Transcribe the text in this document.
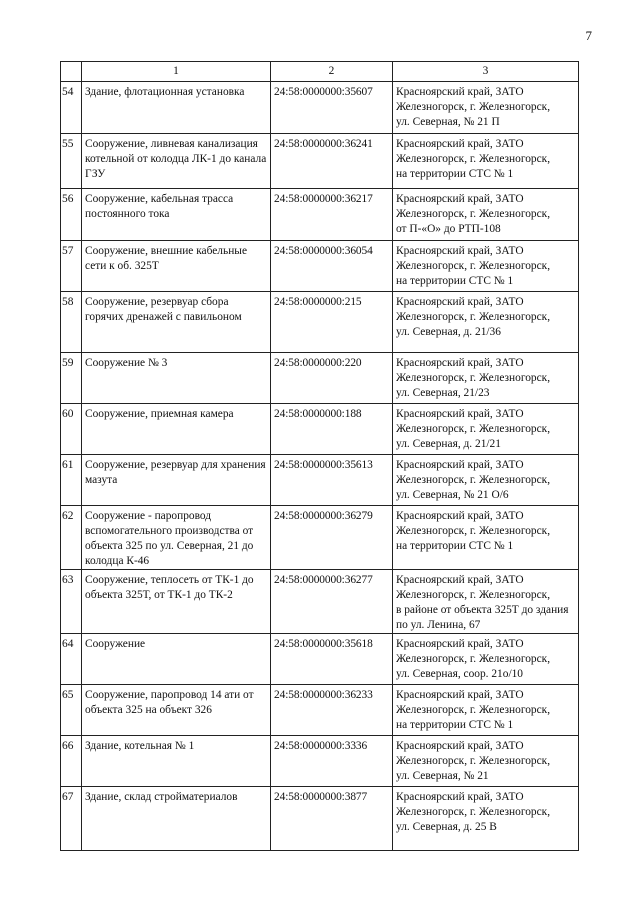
7
	1	2	3
54	Здание, флотационная установка	24:58:0000000:35607	Красноярский край, ЗАТО
Железногорск, г. Железногорск,
ул. Северная, № 21 П
55	Сооружение, ливневая канализация котельной от колодца ЛК-1 до канала ГЗУ	24:58:0000000:36241	Красноярский край, ЗАТО
Железногорск, г. Железногорск,
на территории СТС № 1
56	Сооружение, кабельная трасса постоянного тока	24:58:0000000:36217	Красноярский край, ЗАТО
Железногорск, г. Железногорск,
от П-«О» до РТП-108
57	Сооружение, внешние кабельные сети к об. 325Т	24:58:0000000:36054	Красноярский край, ЗАТО
Железногорск, г. Железногорск,
на территории СТС № 1
58	Сооружение, резервуар сбора горячих дренажей с павильоном	24:58:0000000:215	Красноярский край, ЗАТО
Железногорск, г. Железногорск,
ул. Северная, д. 21/36
59	Сооружение № 3	24:58:0000000:220	Красноярский край, ЗАТО
Железногорск, г. Железногорск,
ул. Северная, 21/23
60	Сооружение, приемная камера	24:58:0000000:188	Красноярский край, ЗАТО
Железногорск, г. Железногорск,
ул. Северная, д. 21/21
61	Сооружение, резервуар для хранения мазута	24:58:0000000:35613	Красноярский край, ЗАТО
Железногорск, г. Железногорск,
ул. Северная, № 21 О/6
62	Сооружение - паропровод вспомогательного производства от объекта 325 по ул. Северная, 21 до колодца К-46	24:58:0000000:36279	Красноярский край, ЗАТО
Железногорск, г. Железногорск,
на территории СТС № 1
63	Сооружение, теплосеть от ТК-1 до объекта 325Т, от ТК-1 до ТК-2	24:58:0000000:36277	Красноярский край, ЗАТО
Железногорск, г. Железногорск,
в районе от объекта 325Т до здания
по ул. Ленина, 67
64	Сооружение	24:58:0000000:35618	Красноярский край, ЗАТО
Железногорск, г. Железногорск,
ул. Северная, соор. 21о/10
65	Сооружение, паропровод 14 ати от объекта 325 на объект 326	24:58:0000000:36233	Красноярский край, ЗАТО
Железногорск, г. Железногорск,
на территории СТС № 1
66	Здание, котельная № 1	24:58:0000000:3336	Красноярский край, ЗАТО
Железногорск, г. Железногорск,
ул. Северная, № 21
67	Здание, склад стройматериалов	24:58:0000000:3877	Красноярский край, ЗАТО
Железногорск, г. Железногорск,
ул. Северная, д. 25 В
